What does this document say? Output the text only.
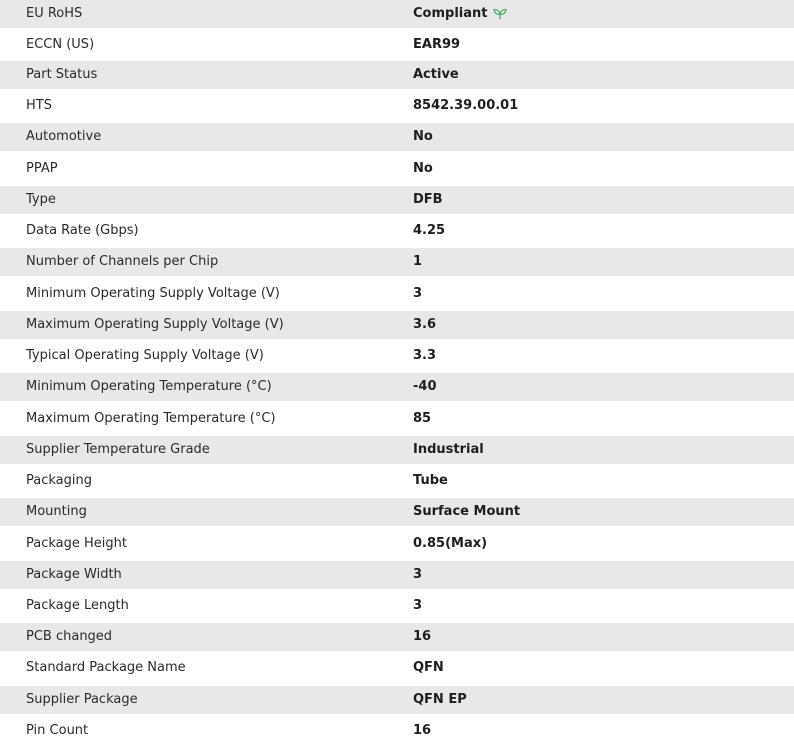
EU RoHS	Compliant
ECCN (US)	EAR99
Part Status	Active
HTS	8542.39.00.01
Automotive	No
PPAP	No
Type	DFB
Data Rate (Gbps)	4.25
Number of Channels per Chip	1
Minimum Operating Supply Voltage (V)	3
Maximum Operating Supply Voltage (V)	3.6
Typical Operating Supply Voltage (V)	3.3
Minimum Operating Temperature (°C)	-40
Maximum Operating Temperature (°C)	85
Supplier Temperature Grade	Industrial
Packaging	Tube
Mounting	Surface Mount
Package Height	0.85(Max)
Package Width	3
Package Length	3
PCB changed	16
Standard Package Name	QFN
Supplier Package	QFN EP
Pin Count	16
